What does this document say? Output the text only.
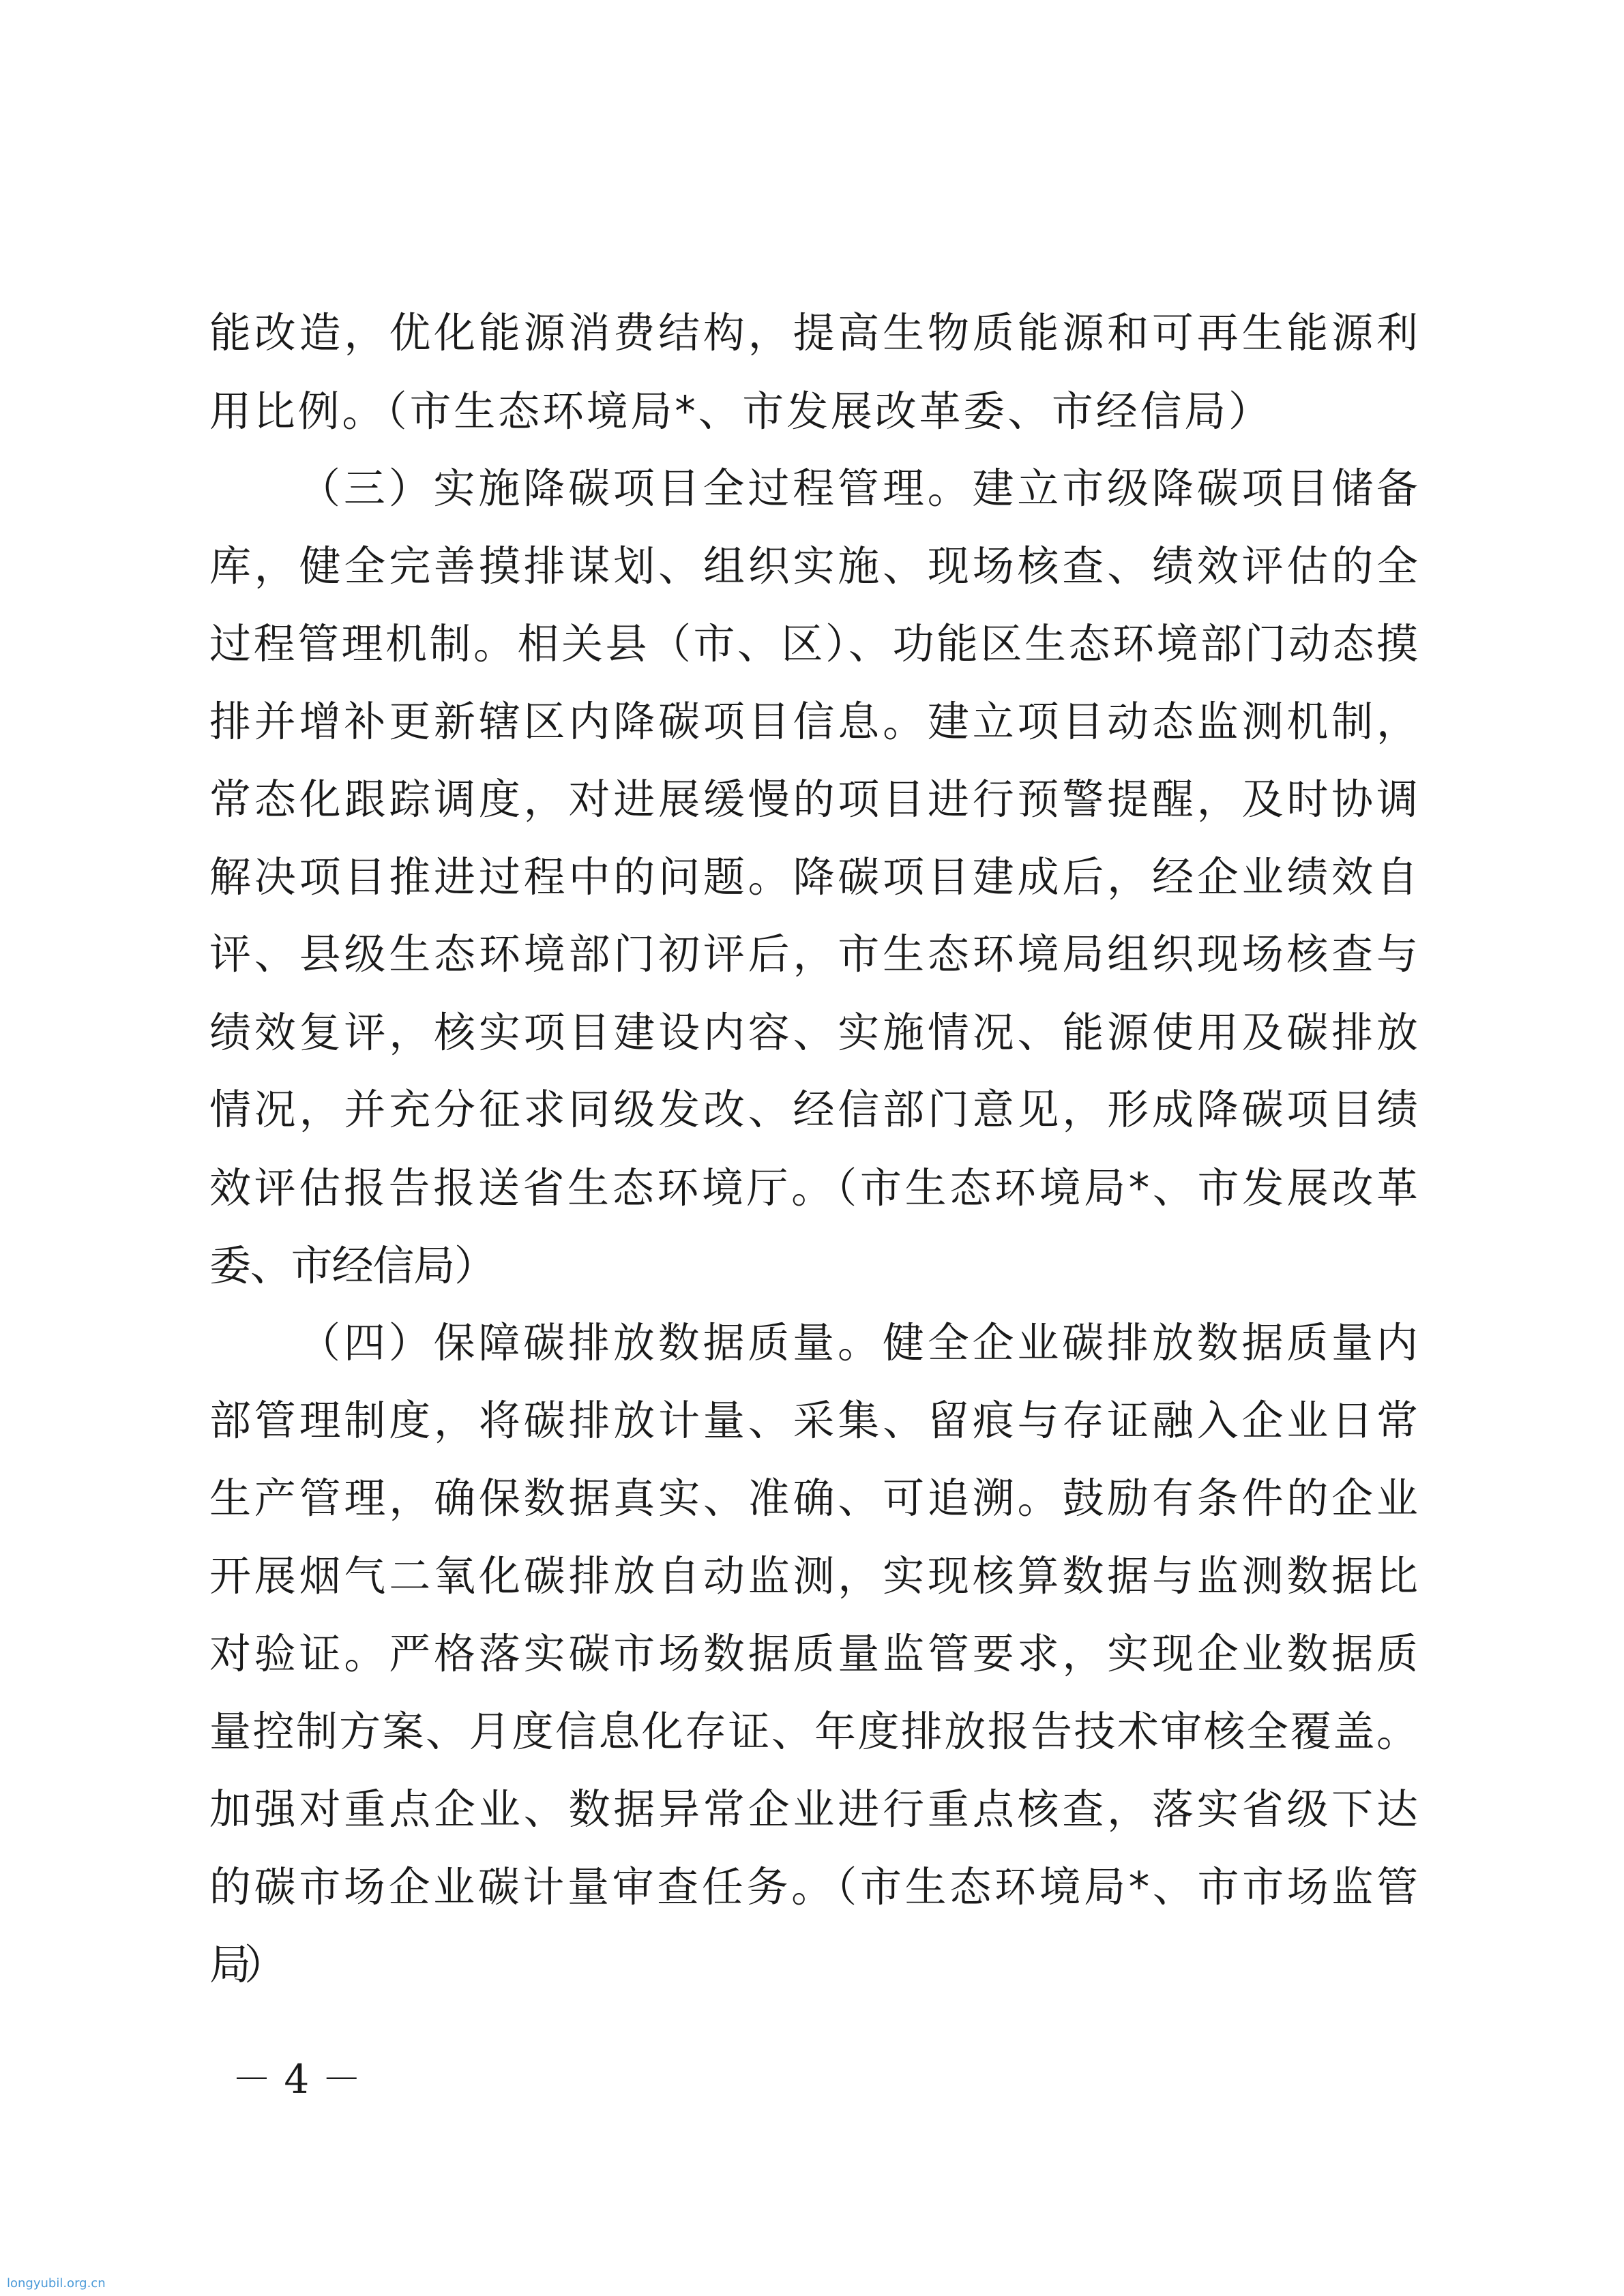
能改造，优化能源消费结构，提高生物质能源和可再生能源利
用比例。（市生态环境局*、市发展改革委、市经信局）
（三）实施降碳项目全过程管理。建立市级降碳项目储备
库，健全完善摸排谋划、组织实施、现场核查、绩效评估的全
过程管理机制。相关县（市、区）、功能区生态环境部门动态摸
排并增补更新辖区内降碳项目信息。建立项目动态监测机制，
常态化跟踪调度，对进展缓慢的项目进行预警提醒，及时协调
解决项目推进过程中的问题。降碳项目建成后，经企业绩效自
评、县级生态环境部门初评后，市生态环境局组织现场核查与
绩效复评，核实项目建设内容、实施情况、能源使用及碳排放
情况，并充分征求同级发改、经信部门意见，形成降碳项目绩
效评估报告报送省生态环境厅。（市生态环境局*、市发展改革
委、市经信局）
（四）保障碳排放数据质量。健全企业碳排放数据质量内
部管理制度，将碳排放计量、采集、留痕与存证融入企业日常
生产管理，确保数据真实、准确、可追溯。鼓励有条件的企业
开展烟气二氧化碳排放自动监测，实现核算数据与监测数据比
对验证。严格落实碳市场数据质量监管要求，实现企业数据质
量控制方案、月度信息化存证、年度排放报告技术审核全覆盖。
加强对重点企业、数据异常企业进行重点核查，落实省级下达
的碳市场企业碳计量审查任务。（市生态环境局*、市市场监管
局）
－ 4 －
longyubil.org.cn
